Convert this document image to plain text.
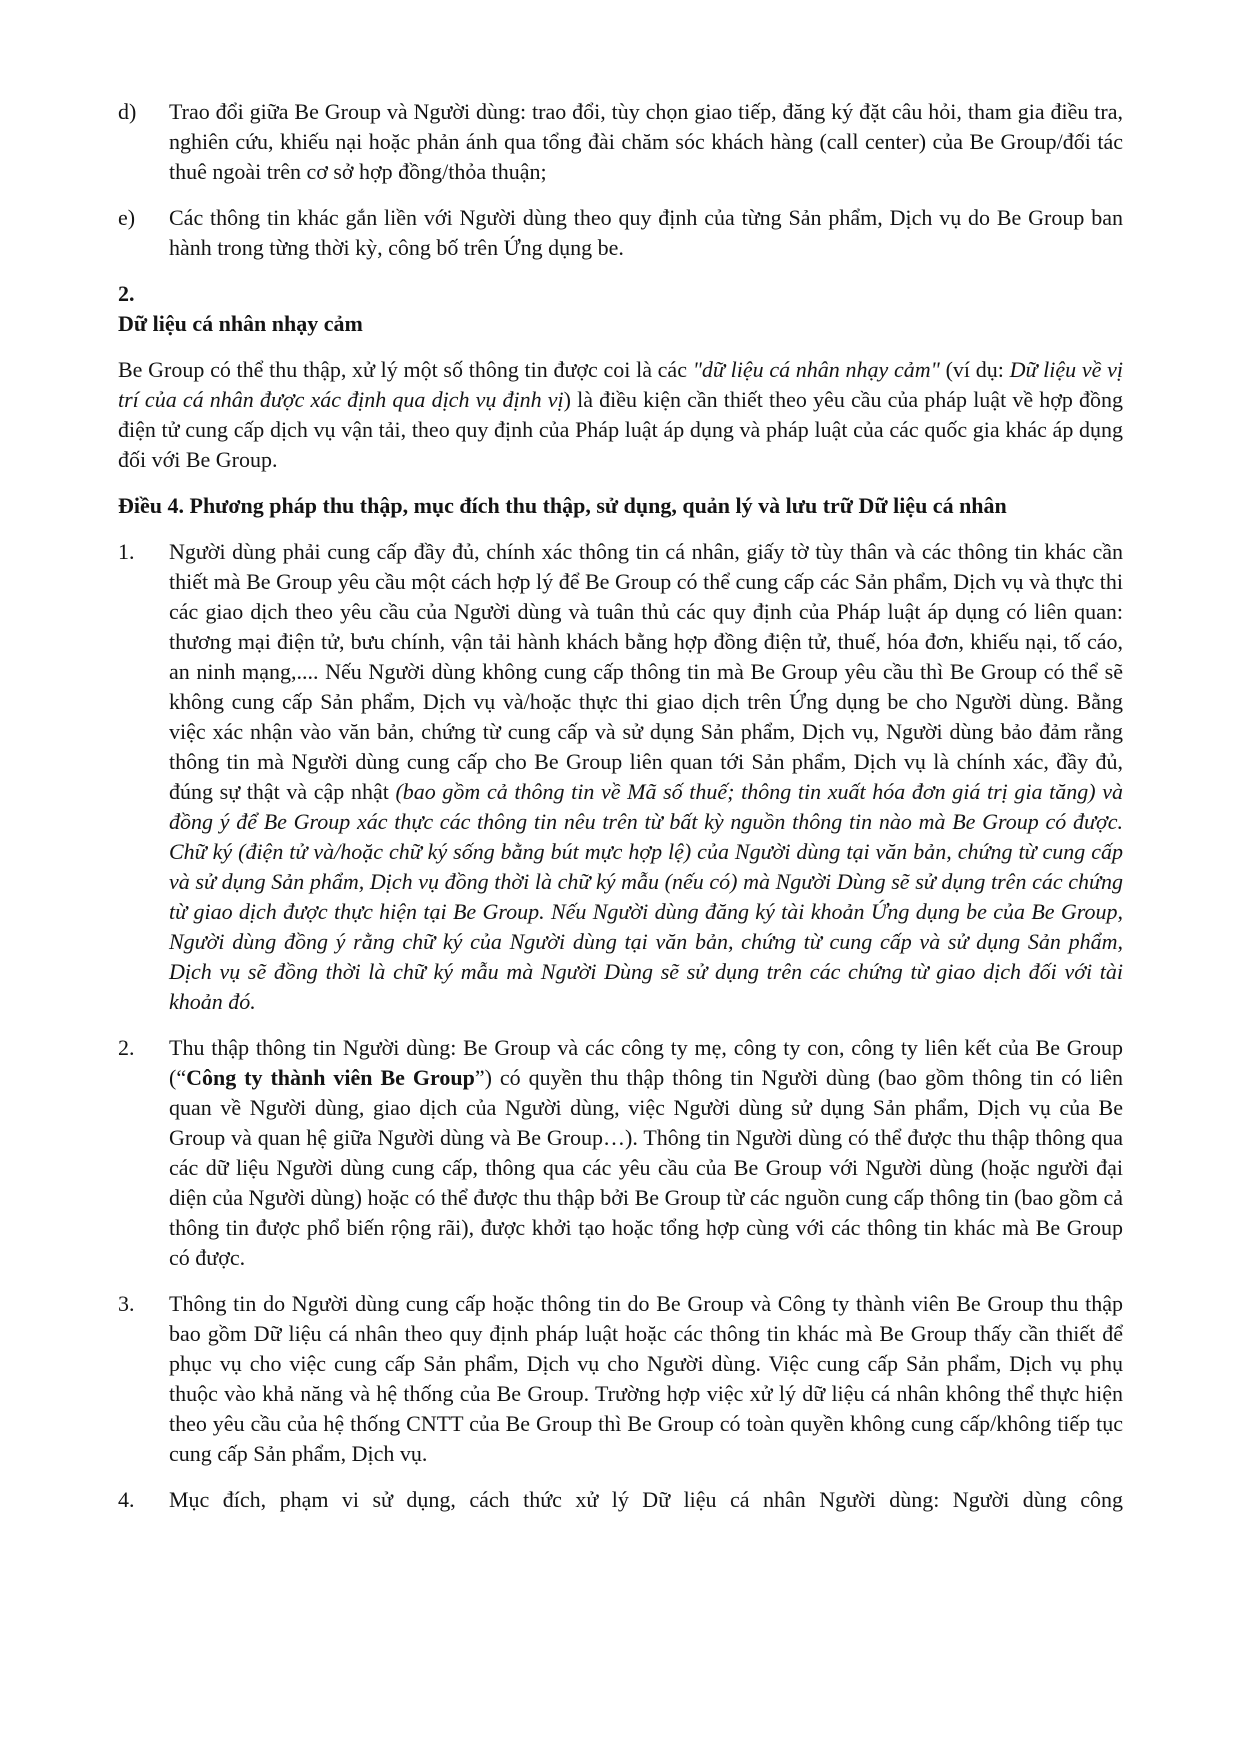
d)	Trao đổi giữa Be Group và Người dùng: trao đổi, tùy chọn giao tiếp, đăng ký đặt câu hỏi, tham gia điều tra, nghiên cứu, khiếu nại hoặc phản ánh qua tổng đài chăm sóc khách hàng (call center) của Be Group/đối tác thuê ngoài trên cơ sở hợp đồng/thỏa thuận;
e)	Các thông tin khác gắn liền với Người dùng theo quy định của từng Sản phẩm, Dịch vụ do Be Group ban hành trong từng thời kỳ, công bố trên Ứng dụng be.
2.
Dữ liệu cá nhân nhạy cảm
Be Group có thể thu thập, xử lý một số thông tin được coi là các "dữ liệu cá nhân nhạy cảm" (ví dụ: Dữ liệu về vị trí của cá nhân được xác định qua dịch vụ định vị) là điều kiện cần thiết theo yêu cầu của pháp luật về hợp đồng điện tử cung cấp dịch vụ vận tải, theo quy định của Pháp luật áp dụng và pháp luật của các quốc gia khác áp dụng đối với Be Group.
Điều 4. Phương pháp thu thập, mục đích thu thập, sử dụng, quản lý và lưu trữ Dữ liệu cá nhân
1.	Người dùng phải cung cấp đầy đủ, chính xác thông tin cá nhân, giấy tờ tùy thân và các thông tin khác cần thiết mà Be Group yêu cầu một cách hợp lý để Be Group có thể cung cấp các Sản phẩm, Dịch vụ và thực thi các giao dịch theo yêu cầu của Người dùng và tuân thủ các quy định của Pháp luật áp dụng có liên quan: thương mại điện tử, bưu chính, vận tải hành khách bằng hợp đồng điện tử, thuế, hóa đơn, khiếu nại, tố cáo, an ninh mạng,.... Nếu Người dùng không cung cấp thông tin mà Be Group yêu cầu thì Be Group có thể sẽ không cung cấp Sản phẩm, Dịch vụ và/hoặc thực thi giao dịch trên Ứng dụng be cho Người dùng. Bằng việc xác nhận vào văn bản, chứng từ cung cấp và sử dụng Sản phẩm, Dịch vụ, Người dùng bảo đảm rằng thông tin mà Người dùng cung cấp cho Be Group liên quan tới Sản phẩm, Dịch vụ là chính xác, đầy đủ, đúng sự thật và cập nhật (bao gồm cả thông tin về Mã số thuế; thông tin xuất hóa đơn giá trị gia tăng) và đồng ý để Be Group xác thực các thông tin nêu trên từ bất kỳ nguồn thông tin nào mà Be Group có được. Chữ ký (điện tử và/hoặc chữ ký sống bằng bút mực hợp lệ) của Người dùng tại văn bản, chứng từ cung cấp và sử dụng Sản phẩm, Dịch vụ đồng thời là chữ ký mẫu (nếu có) mà Người Dùng sẽ sử dụng trên các chứng từ giao dịch được thực hiện tại Be Group. Nếu Người dùng đăng ký tài khoản Ứng dụng be của Be Group, Người dùng đồng ý rằng chữ ký của Người dùng tại văn bản, chứng từ cung cấp và sử dụng Sản phẩm, Dịch vụ sẽ đồng thời là chữ ký mẫu mà Người Dùng sẽ sử dụng trên các chứng từ giao dịch đối với tài khoản đó.
2.	Thu thập thông tin Người dùng: Be Group và các công ty mẹ, công ty con, công ty liên kết của Be Group (“Công ty thành viên Be Group”) có quyền thu thập thông tin Người dùng (bao gồm thông tin có liên quan về Người dùng, giao dịch của Người dùng, việc Người dùng sử dụng Sản phẩm, Dịch vụ của Be Group và quan hệ giữa Người dùng và Be Group…). Thông tin Người dùng có thể được thu thập thông qua các dữ liệu Người dùng cung cấp, thông qua các yêu cầu của Be Group với Người dùng (hoặc người đại diện của Người dùng) hoặc có thể được thu thập bởi Be Group từ các nguồn cung cấp thông tin (bao gồm cả thông tin được phổ biến rộng rãi), được khởi tạo hoặc tổng hợp cùng với các thông tin khác mà Be Group có được.
3.	Thông tin do Người dùng cung cấp hoặc thông tin do Be Group và Công ty thành viên Be Group thu thập bao gồm Dữ liệu cá nhân theo quy định pháp luật hoặc các thông tin khác mà Be Group thấy cần thiết để phục vụ cho việc cung cấp Sản phẩm, Dịch vụ cho Người dùng. Việc cung cấp Sản phẩm, Dịch vụ phụ thuộc vào khả năng và hệ thống của Be Group. Trường hợp việc xử lý dữ liệu cá nhân không thể thực hiện theo yêu cầu của hệ thống CNTT của Be Group thì Be Group có toàn quyền không cung cấp/không tiếp tục cung cấp Sản phẩm, Dịch vụ.
4.	Mục đích, phạm vi sử dụng, cách thức xử lý Dữ liệu cá nhân Người dùng: Người dùng công
